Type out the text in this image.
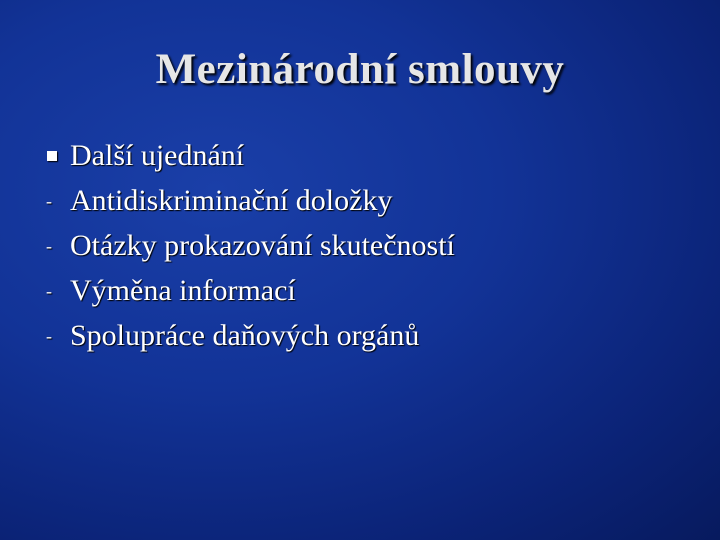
Mezinárodní smlouvy
Další ujednání
- Antidiskriminační doložky
- Otázky prokazování skutečností
- Výměna informací
- Spolupráce daňových orgánů
